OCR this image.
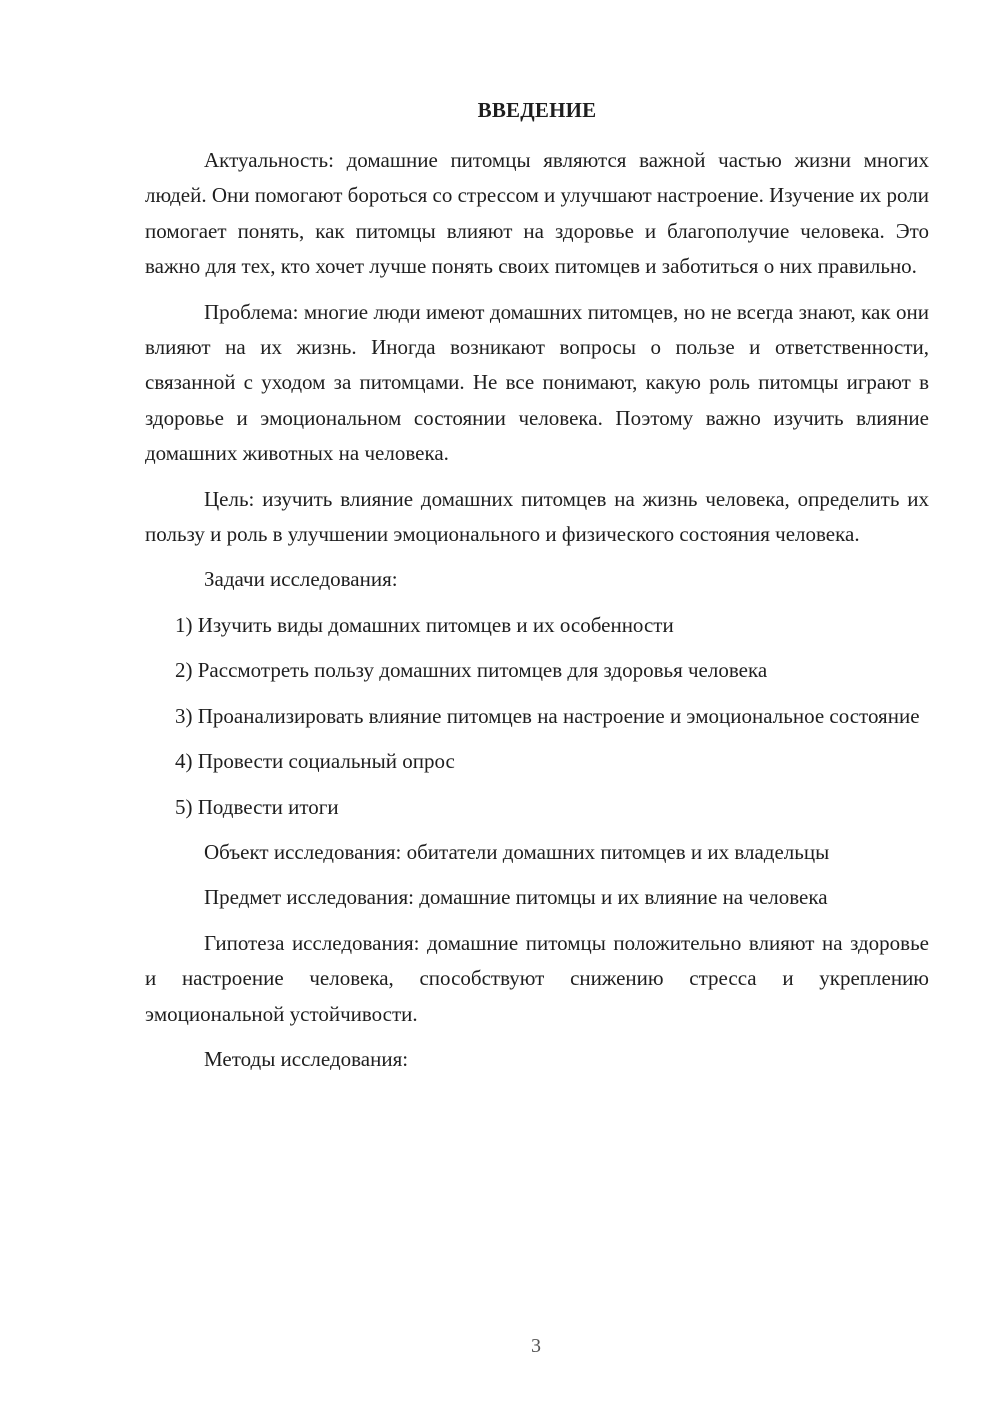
ВВЕДЕНИЕ

Актуальность: домашние питомцы являются важной частью жизни многих людей. Они помогают бороться со стрессом и улучшают настроение. Изучение их роли помогает понять, как питомцы влияют на здоровье и благополучие человека. Это важно для тех, кто хочет лучше понять своих питомцев и заботиться о них правильно.

Проблема: многие люди имеют домашних питомцев, но не всегда знают, как они влияют на их жизнь. Иногда возникают вопросы о пользе и ответственности, связанной с уходом за питомцами. Не все понимают, какую роль питомцы играют в здоровье и эмоциональном состоянии человека. Поэтому важно изучить влияние домашних животных на человека.

Цель: изучить влияние домашних питомцев на жизнь человека, определить их пользу и роль в улучшении эмоционального и физического состояния человека.

Задачи исследования:

1) Изучить виды домашних питомцев и их особенности

2) Рассмотреть пользу домашних питомцев для здоровья человека

3) Проанализировать влияние питомцев на настроение и эмоциональное состояние

4) Провести социальный опрос

5) Подвести итоги

Объект исследования: обитатели домашних питомцев и их владельцы

Предмет исследования: домашние питомцы и их влияние на человека

Гипотеза исследования: домашние питомцы положительно влияют на здоровье и настроение человека, способствуют снижению стресса и укреплению эмоциональной устойчивости.

Методы исследования:

3
